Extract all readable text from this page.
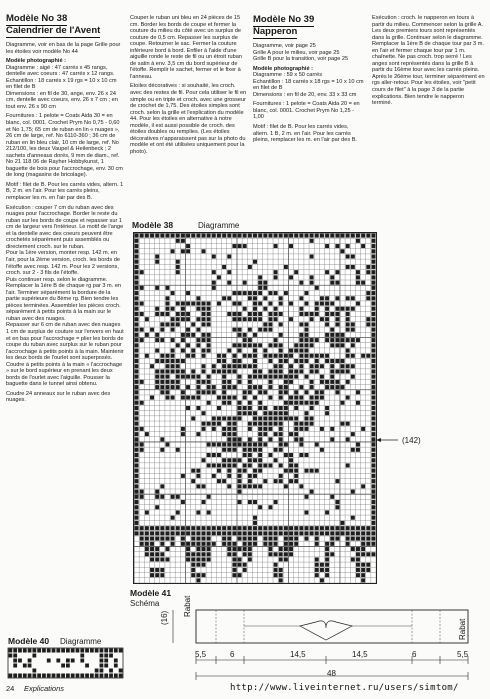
Modèle No 38
Calendrier de l'Avent

Diagramme, voir en bas de la page Grille pour les étoiles voir modèle No 44

Modèle photographié :

Diagramme : aigé : 47 carrés x 45 rangs, dentelle avec coeurs : 47 carrés x 12 rangs.

Echantillon : 18 carrés x 19 rgs = 10 x 10 cm en filet de B

Dimensions : en fil de 30, ange, env. 26 x 24 cm, dentelle avec coeurs, env. 26 x 7 cm ; en tout env. 26 x 90 cm

Fournitures : 1 pelote = Coats Aida 30 = en blanc, col. 0001. Crochet Prym No 0,75 - 0,60 et No 1,75; 65 cm de ruban en lin « nuages », 26 cm de large, ref. No 6110-360 ; 36 cm de ruban en lin bleu clair, 10 cm de large, ref. No 212/100, les deux Vaupel & Heilenbeck ; 2 sachets d'anneaux dorés, 9 mm de diam., ref. No 21 118 06 de Rayher Hobbykunst, 1 baguette de bois pour l'accrochage, env. 30 cm de long (magasins de bricolage).

Motif : filet de B. Pour les carrés vides, altern. 1 B, 2 m. en l'air. Pour les carrés pleins, remplacer les m. en l'air par des B.

Exécution : couper 7 cm du ruban avec des nuages pour l'accrochage. Border le reste du ruban sur les bords de coupe et repasser sur 1 cm de largeur vers l'intérieur. Le motif de l'ange et la dentelle avec des coeurs peuvent être crochetés séparément puis assemblés ou directement croch. sur le ruban.

Pour la 1ère version, monter resp. 142 m. en l'air, pour la 2ème version, croch. les bords de l'étoffe avec resp. 142 m. Pour les 2 versions, croch. sur 2 - 3 fils de l'étoffe.

Puis continuer resp. selon le diagramme. Remplacer la 1ère B de chaque rg par 3 m. en l'air. Terminer séparément la bordure de la partie supérieure du 8ème rg. Bien tendre les pièces terminées. Assembler les pièces croch. séparément à petits points à la main sur le ruban avec des nuages.

Repasser sur 6 cm de ruban avec des nuages 1 cm de surplus de couture sur l'envers en haut et en bas pour l'accrochage = plier les bords de coupe du ruban avec surplus sur le ruban pour l'accrochage à petits points à la main. Maintenir les deux bords de l'ourlet sont superposés. Coudre à petits points à la main « l'accrochage » sur le bord supérieur en prenant les deux bords de l'ourlet avec l'aiguille. Pousser la baguette dans le tunnel ainsi obtenu.

Coudre 24 anneaux sur le ruban avec des nuages.

Couper le ruban uni bleu en 24 pièces de 15 cm. Border les bords de coupe et fermer la couture du milieu du côté avec un surplus de couture de 0,5 cm. Repasser les surplus de coupe. Retourner le sac. Fermer la couture inférieure bord à bord. Enfiler à l'aide d'une aiguille ronde le reste de fil ou un étroit ruban de satin à env. 3,5 cm du bord supérieur de l'étoffe. Remplir le sachet, fermer et le fixer à l'anneau.

Etoiles décoratives : si souhaité, les croch. avec des restes de fil. Pour cela utiliser le fil en simple ou en triple et croch. avec une grosseur de crochet de 1,75. Des étoiles simples sont croch. selon la grille et l'explication du modèle 44. Pour les étoiles en alternative à notre modèle, il est aussi possible de croch. des étoiles doubles ou remplies. (Les étoiles décoratives n'apparaissent pas sur la photo du modèle et ont été utilisées uniquement pour la photo).

Modèle No 39
Napperon

Diagramme, voir page 25

Grille A pour le milieu, voir page 25

Grille B pour la transition, voir page 25

Modèle photographié :

Diagramme : 59 x 50 carrés

Echantillon : 18 carrés x 18 rgs = 10 x 10 cm en filet de B

Dimensions : en fil de 20, env. 33 x 33 cm

Fournitures : 1 pelote = Coats Aida 20 = en blanc, col. 0001. Crochet Prym No 1,25 - 1,00

Motif : filet de B. Pour les carrés vides, altern. 1 B, 2 m. en l'air. Pour les carrés pleins, remplacer les m. en l'air par des B.

Exécution : croch. le napperon en tours à partir du milieu. Commencer selon la grille A. Les deux premiers tours sont représentés dans la grille. Continuer selon le diagramme. Remplacer la 1ère B de chaque tour par 3 m. en l'air et fermer chaque tour par 1 m. chaînette. Ne pas croch. trop serré ! Les anges sont représentés dans la grille B à partir du 16ème tour avec les carrés pleins. Après le 26ème tour, terminer séparément en rgs aller-retour. Pour les étoiles, voir "petit cours de filet" à la page 3 de la partie explications. Bien tendre le napperon terminé.

Modèle 38	Diagramme
(142)
Modèle 41
Schéma	Rabat
Rabat
(16)
5,5	6	14,5	14,5	6	5,5
48
Modèle 40 Diagramme
24 Explications	http://www.liveinternet.ru/users/simtom/
